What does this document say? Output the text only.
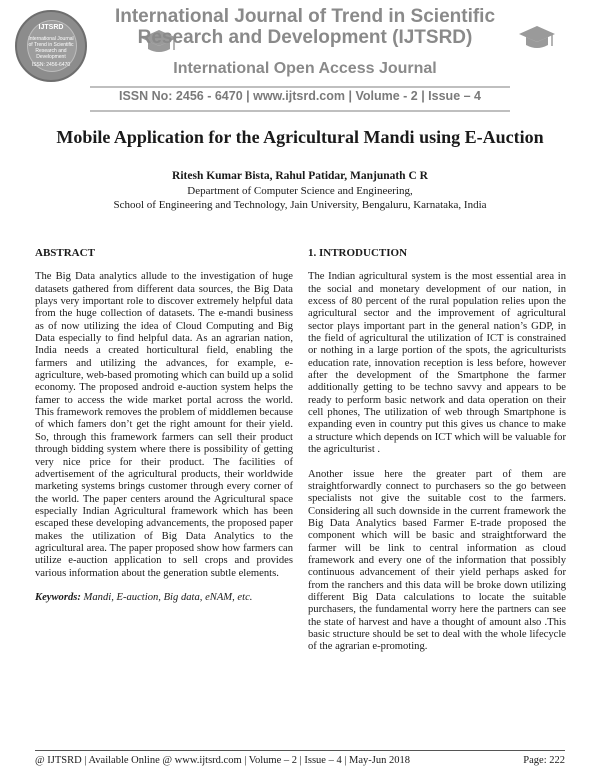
IJTSRD
International Journal
of Trend in Scientific
Research and
Development
ISSN: 2456-6470
International Journal of Trend in Scientific Research and Development (IJTSRD)
International Open Access Journal
ISSN No: 2456 - 6470 | www.ijtsrd.com | Volume - 2 | Issue – 4
Mobile Application for the Agricultural Mandi using E-Auction
Ritesh Kumar Bista, Rahul Patidar, Manjunath C R
Department of Computer Science and Engineering,
School of Engineering and Technology, Jain University, Bengaluru, Karnataka, India
ABSTRACT

The Big Data analytics allude to the investigation of huge datasets gathered from different data sources, the Big Data plays very important role to discover extremely helpful data from the huge collection of datasets. The e-mandi business as of now utilizing the idea of Cloud Computing and Big Data especially to find helpful data. As an agrarian nation, India needs a created horticultural field, enabling the farmers and utilizing the advances, for example, e-agriculture, web-based promoting which can build up a solid economy. The proposed android e-auction system helps the famer to access the wide market portal across the world. This framework removes the problem of middlemen because of which famers don’t get the right amount for their yield. So, through this framework farmers can sell their product through bidding system where there is possibility of getting very nice price for their product. The facilities of advertisement of the agricultural products, their worldwide marketing systems brings customer through every corner of the world. The paper centers around the Agricultural space especially Indian Agricultural framework which has been escaped these developing advancements, the proposed paper makes the utilization of Big Data Analytics to the agricultural area. The paper proposed show how farmers can utilize e-auction application to sell crops and provides various information about the generation subtle elements.

Keywords: Mandi, E-auction, Big data, eNAM, etc.

1. INTRODUCTION

The Indian agricultural system is the most essential area in the social and monetary development of our nation, in excess of 80 percent of the rural population relies upon the agricultural sector and the improvement of agricultural sector plays important part in the general nation’s GDP, in the field of agricultural the utilization of ICT is constrained or nothing in a large portion of the spots, the agriculturists education rate, innovation reception is less before, however after the development of the Smartphone the farmer additionally getting to be techno savvy and appears to be ready to perform basic network and data operation on their cell phones, The utilization of web through Smartphone is expanding even in country put this gives us chance to make a structure which depends on ICT which will be valuable for the agriculturist .

Another issue here the greater part of them are straightforwardly connect to purchasers so the go between specialists not give the suitable cost to the farmers. Considering all such downside in the current framework the Big Data Analytics based Farmer E-trade proposed the component which will be basic and straightforward the farmer will be link to central information as cloud framework and every one of the information that possibly continuous advancement of their yield perhaps asked for from the ranchers and this data will be broke down utilizing different Big Data calculations to locate the suitable purchasers, the fundamental worry here the partners can see the state of harvest and have a thought of amount also .This basic structure should be set to deal with the whole lifecycle of the agrarian e-promoting.

@ IJTSRD | Available Online @ www.ijtsrd.com | Volume – 2 | Issue – 4 | May-Jun 2018	Page: 222
